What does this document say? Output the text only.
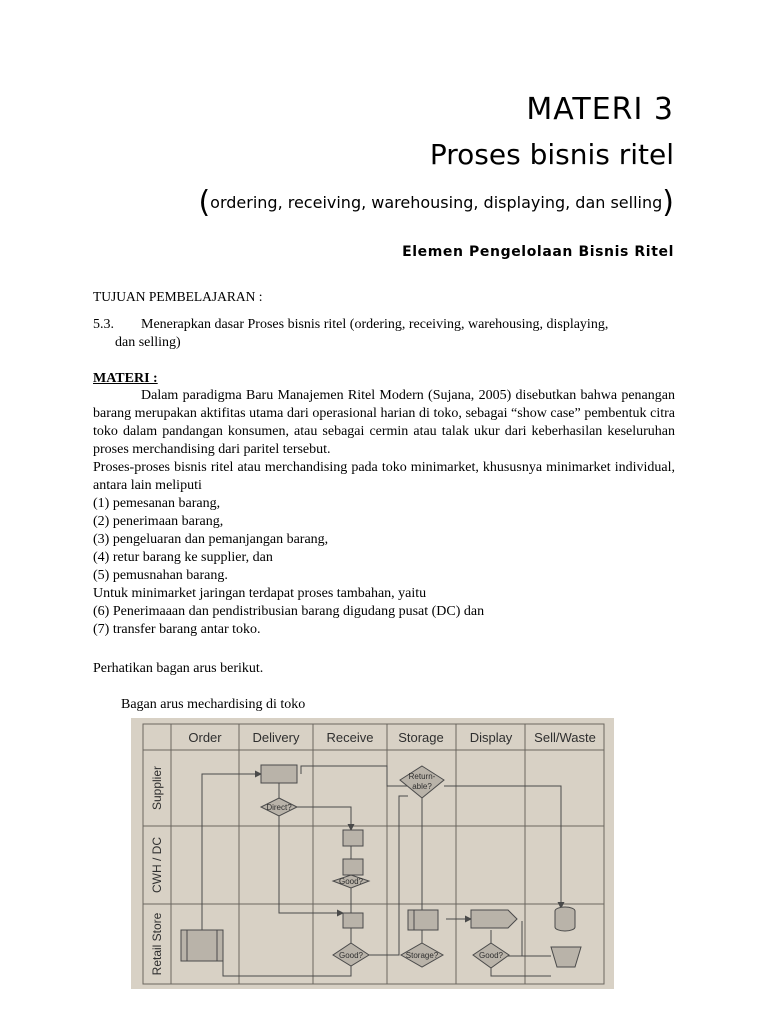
MATERI 3
Proses bisnis ritel
(ordering, receiving, warehousing, displaying, dan selling)
Elemen Pengelolaan Bisnis Ritel
TUJUAN PEMBELAJARAN :
5.3. Menerapkan dasar Proses bisnis ritel (ordering, receiving, warehousing, displaying,
dan selling)
MATERI :

Dalam paradigma Baru Manajemen Ritel Modern (Sujana, 2005) disebutkan bahwa penangan barang merupakan aktifitas utama dari operasional harian di toko, sebagai “show case” pembentuk citra toko dalam pandangan konsumen, atau sebagai cermin atau talak ukur dari keberhasilan keseluruhan proses merchandising dari paritel tersebut.

Proses-proses bisnis ritel atau merchandising pada toko minimarket, khususnya minimarket individual, antara lain meliputi

(1) pemesanan barang,
(2) penerimaan barang,
(3) pengeluaran dan pemanjangan barang,
(4) retur barang ke supplier, dan
(5) pemusnahan barang.

Untuk minimarket jaringan terdapat proses tambahan, yaitu

(6) Penerimaaan dan pendistribusian barang digudang pusat (DC) dan
(7) transfer barang antar toko.
Perhatikan bagan arus berikut.
Bagan arus mechardising di toko
Order Delivery Receive Storage Display Sell/Waste
Supplier
CWH / DC
Retail Store
Direct?
Return-
able?
Good?
Good?	Storage?	Good?
